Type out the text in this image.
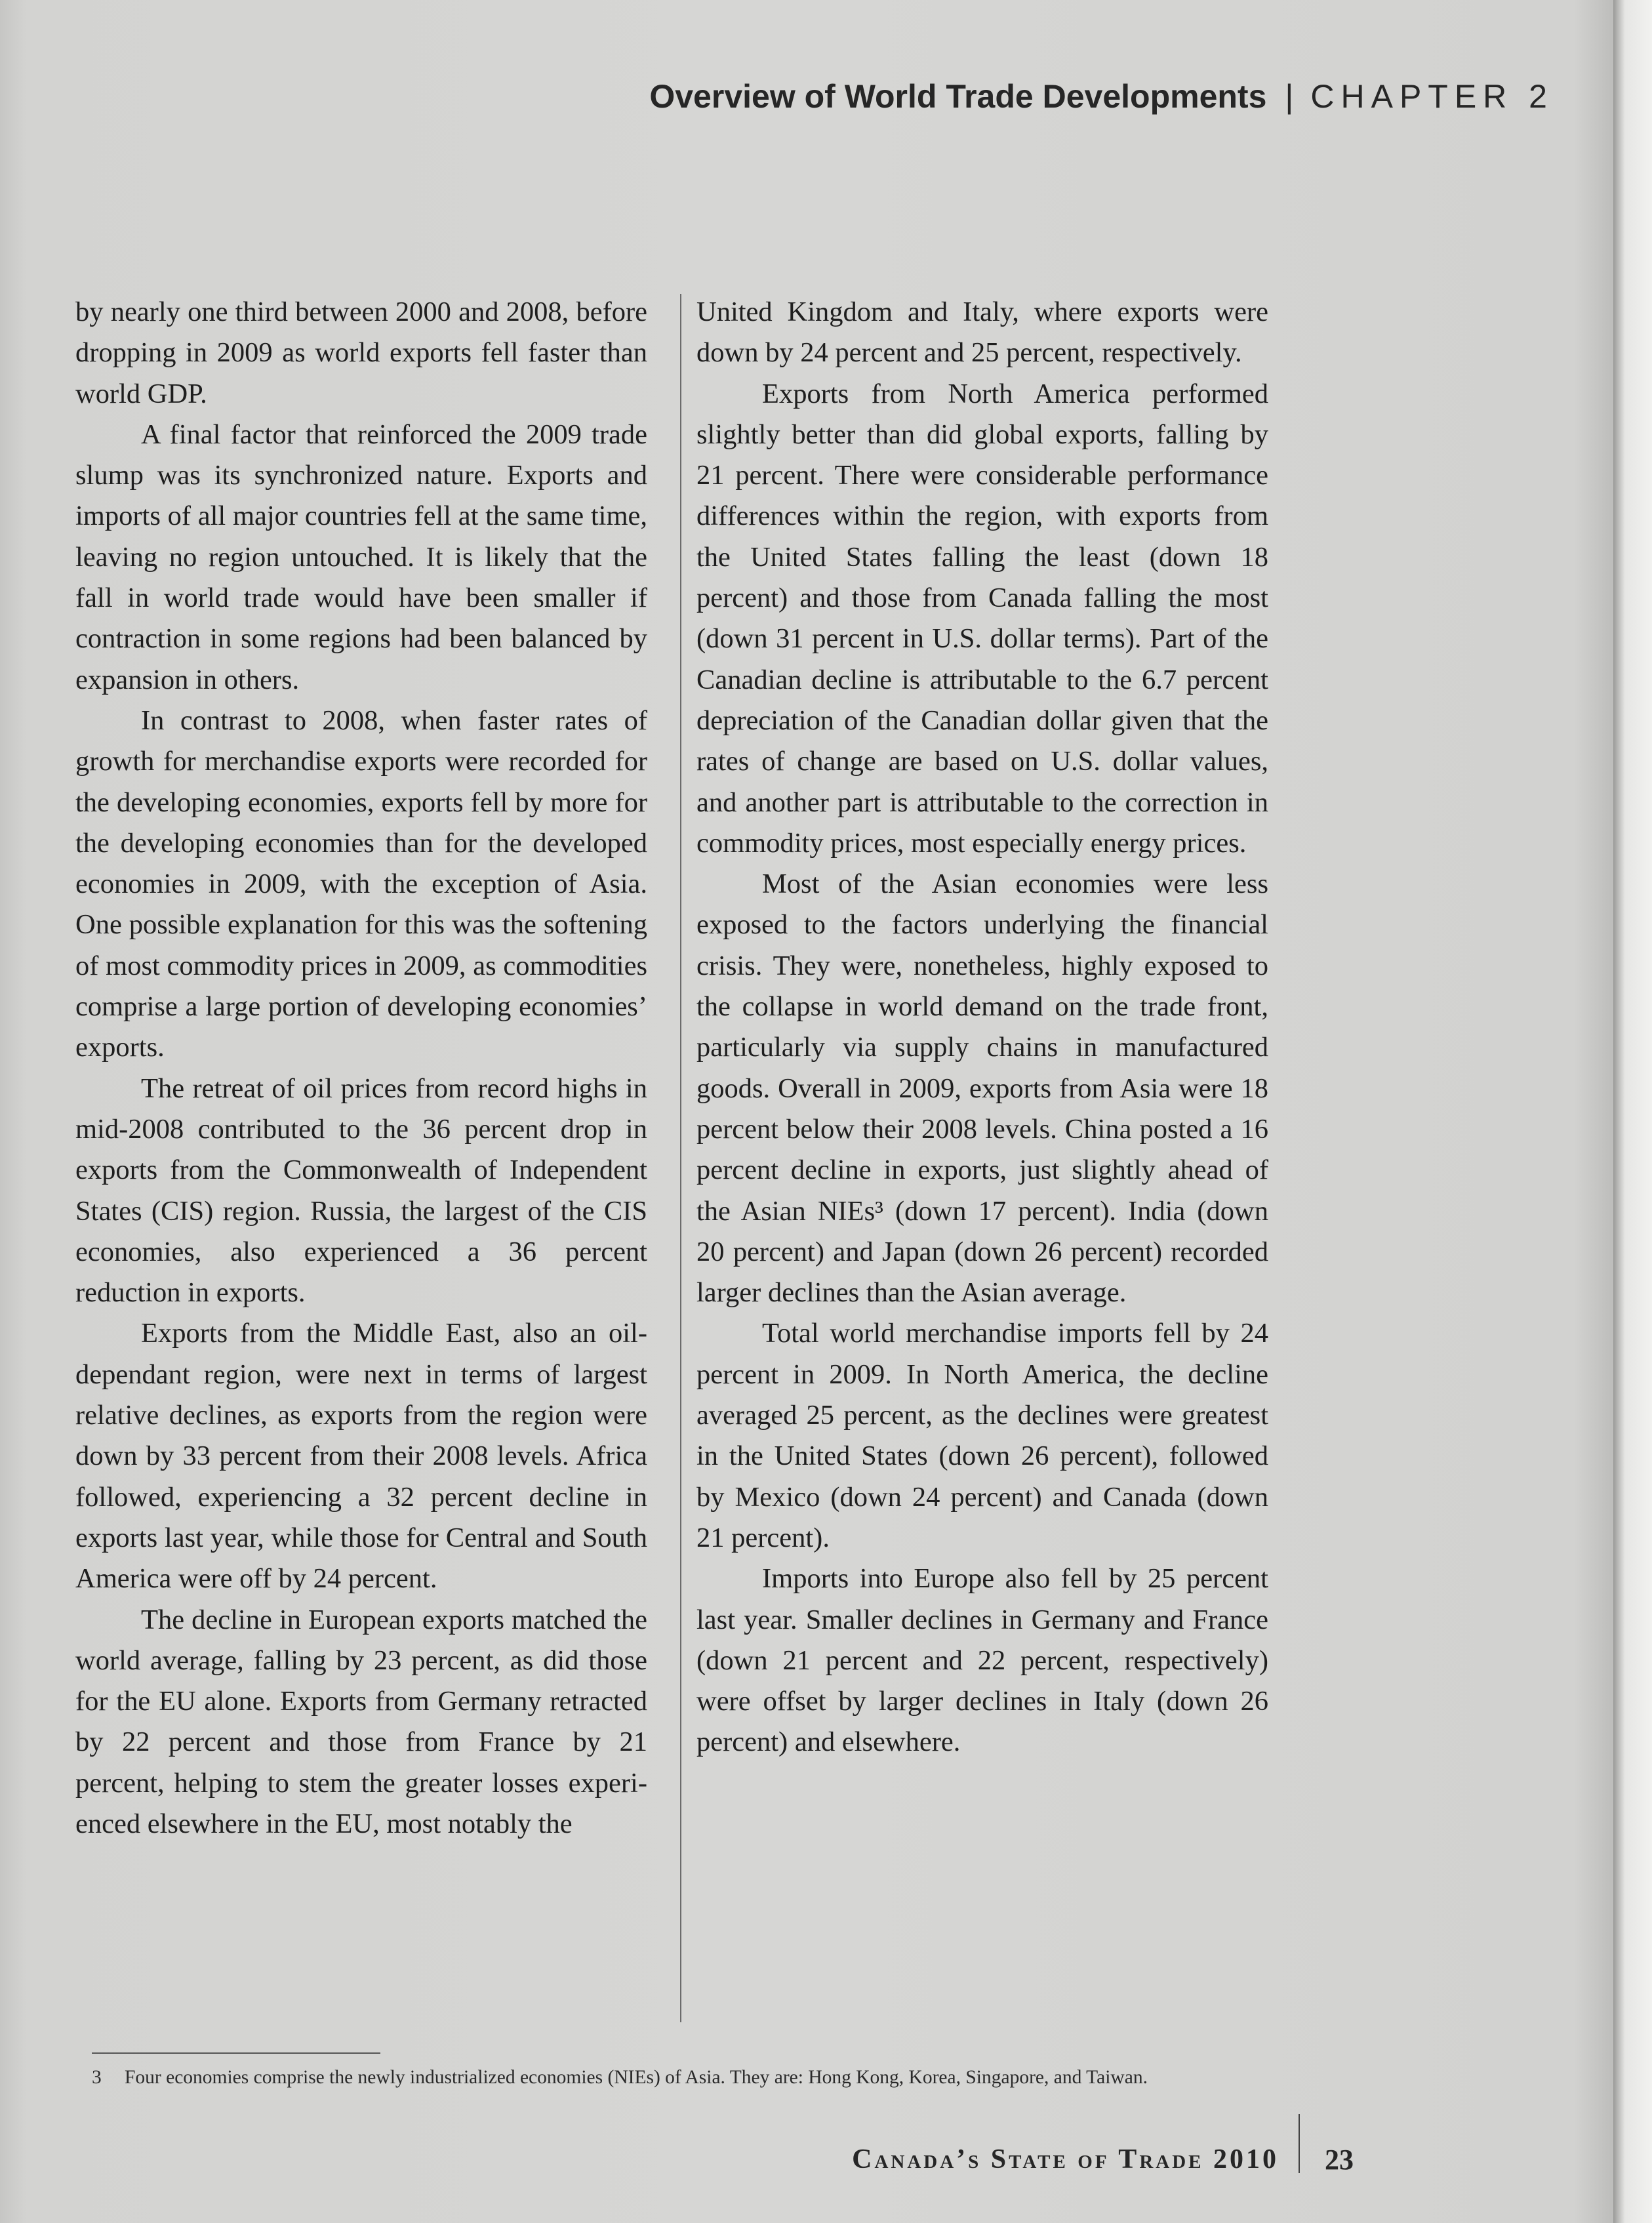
Overview of World Trade Developments | CHAPTER 2

by nearly one third between 2000 and 2008, before dropping in 2009 as world exports fell faster than world GDP.

A final factor that reinforced the 2009 trade slump was its synchronized nature. Exports and imports of all major countries fell at the same time, leaving no region untouched. It is likely that the fall in world trade would have been smaller if contraction in some regions had been balanced by expansion in others.

In contrast to 2008, when faster rates of growth for merchandise exports were recorded for the developing economies, exports fell by more for the developing economies than for the developed economies in 2009, with the exception of Asia. One possible explanation for this was the softening of most commodity prices in 2009, as commodities comprise a large portion of developing economies’ exports.

The retreat of oil prices from record highs in mid-2008 contributed to the 36 percent drop in exports from the Commonwealth of Independent States (CIS) region. Russia, the largest of the CIS economies, also experienced a 36 percent reduction in exports.

Exports from the Middle East, also an oil-dependant region, were next in terms of largest relative declines, as exports from the region were down by 33 percent from their 2008 levels. Africa followed, experiencing a 32 percent decline in exports last year, while those for Central and South America were off by 24 percent.

The decline in European exports matched the world average, falling by 23 percent, as did those for the EU alone. Exports from Germany retracted by 22 percent and those from France by 21 percent, helping to stem the greater losses experienced elsewhere in the EU, most notably the

United Kingdom and Italy, where exports were down by 24 percent and 25 percent, respectively.

Exports from North America performed slightly better than did global exports, falling by 21 percent. There were considerable performance differences within the region, with exports from the United States falling the least (down 18 percent) and those from Canada falling the most (down 31 percent in U.S. dollar terms). Part of the Canadian decline is attributable to the 6.7 percent depreciation of the Canadian dollar given that the rates of change are based on U.S. dollar values, and another part is attributable to the correction in commodity prices, most especially energy prices.

Most of the Asian economies were less exposed to the factors underlying the financial crisis. They were, nonetheless, highly exposed to the collapse in world demand on the trade front, particularly via supply chains in manufactured goods. Overall in 2009, exports from Asia were 18 percent below their 2008 levels. China posted a 16 percent decline in exports, just slightly ahead of the Asian NIEs³ (down 17 percent). India (down 20 percent) and Japan (down 26 percent) recorded larger declines than the Asian average.

Total world merchandise imports fell by 24 percent in 2009. In North America, the decline averaged 25 percent, as the declines were greatest in the United States (down 26 percent), followed by Mexico (down 24 percent) and Canada (down 21 percent).

Imports into Europe also fell by 25 percent last year. Smaller declines in Germany and France (down 21 percent and 22 percent, respectively) were offset by larger declines in Italy (down 26 percent) and elsewhere.

3	Four economies comprise the newly industrialized economies (NIEs) of Asia. They are: Hong Kong, Korea, Singapore, and Taiwan.
Canada’s State of Trade 2010 23
